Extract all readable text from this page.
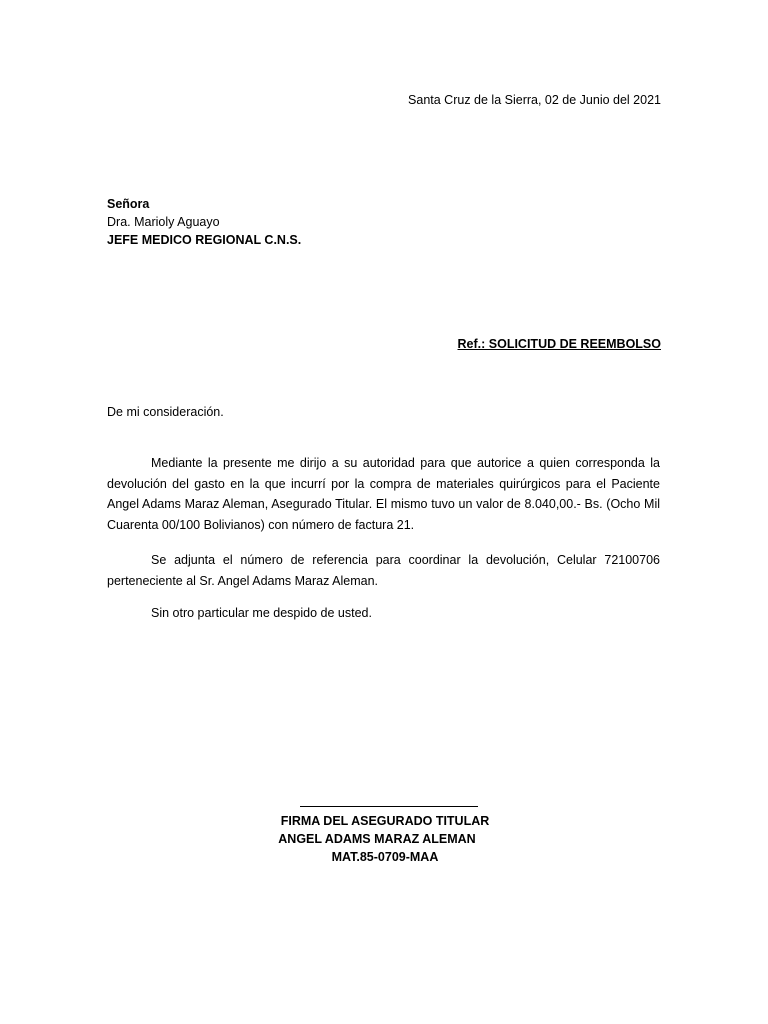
Santa Cruz de la Sierra, 02 de Junio del 2021
Señora
Dra. Marioly Aguayo
JEFE MEDICO REGIONAL C.N.S.
Ref.: SOLICITUD DE REEMBOLSO
De mi consideración.
Mediante la presente me dirijo a su autoridad para que autorice a quien corresponda la devolución del gasto en la que incurrí por la compra de materiales quirúrgicos para el Paciente Angel Adams Maraz Aleman, Asegurado Titular. El mismo tuvo un valor de 8.040,00.- Bs. (Ocho Mil Cuarenta 00/100 Bolivianos) con número de factura 21.
Se adjunta el número de referencia para coordinar la devolución, Celular 72100706 perteneciente al Sr. Angel Adams Maraz Aleman.
Sin otro particular me despido de usted.
FIRMA DEL ASEGURADO TITULAR
ANGEL ADAMS MARAZ ALEMAN
MAT.85-0709-MAA
